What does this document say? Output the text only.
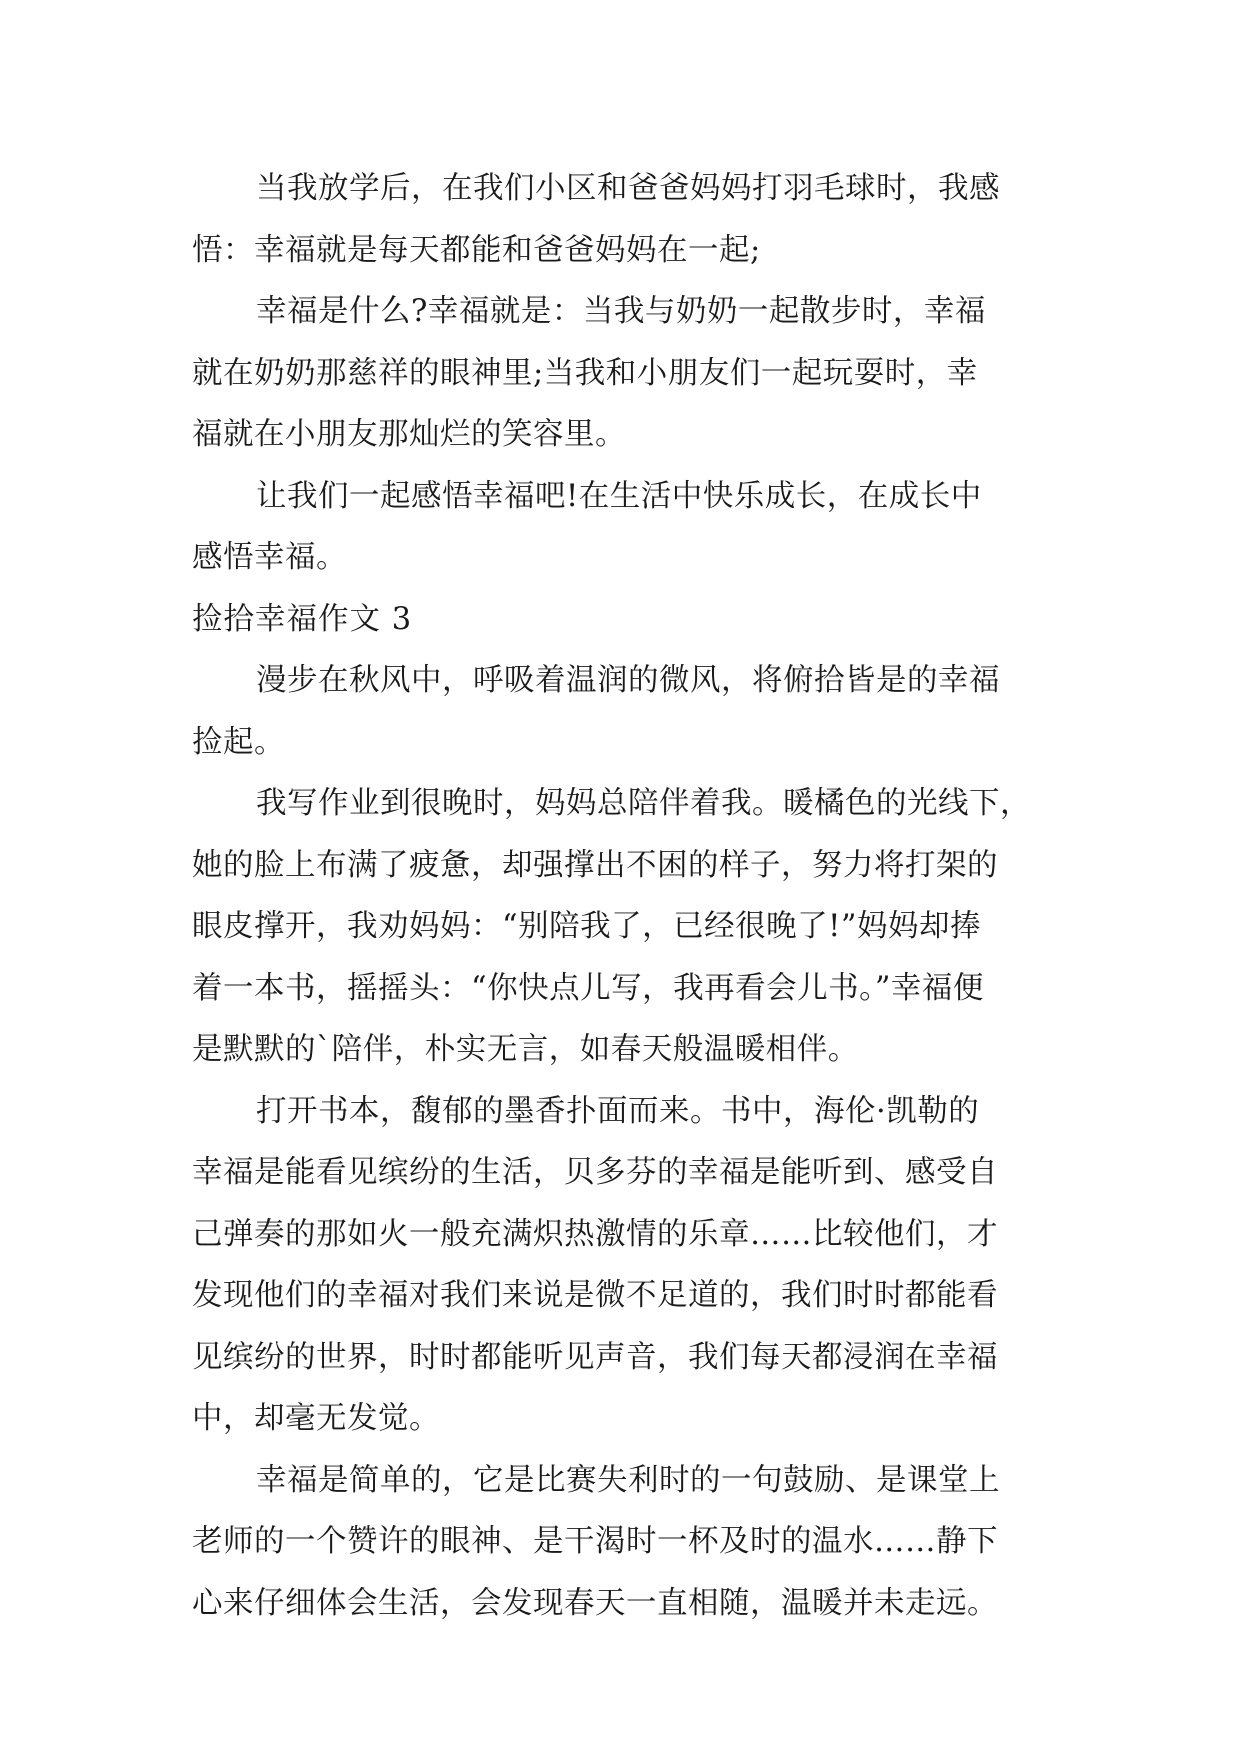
当我放学后，在我们小区和爸爸妈妈打羽毛球时，我感
悟：幸福就是每天都能和爸爸妈妈在一起;
幸福是什么?幸福就是：当我与奶奶一起散步时，幸福
就在奶奶那慈祥的眼神里;当我和小朋友们一起玩耍时，幸
福就在小朋友那灿烂的笑容里。
让我们一起感悟幸福吧!在生活中快乐成长，在成长中
感悟幸福。
捡拾幸福作文 3
漫步在秋风中，呼吸着温润的微风，将俯拾皆是的幸福
捡起。
我写作业到很晚时，妈妈总陪伴着我。暖橘色的光线下，
她的脸上布满了疲惫，却强撑出不困的样子，努力将打架的
眼皮撑开，我劝妈妈：“别陪我了，已经很晚了!”妈妈却捧
着一本书，摇摇头：“你快点儿写，我再看会儿书。”幸福便
是默默的`陪伴，朴实无言，如春天般温暖相伴。
打开书本，馥郁的墨香扑面而来。书中，海伦·凯勒的
幸福是能看见缤纷的生活，贝多芬的幸福是能听到、感受自
己弹奏的那如火一般充满炽热激情的乐章……比较他们，才
发现他们的幸福对我们来说是微不足道的，我们时时都能看
见缤纷的世界，时时都能听见声音，我们每天都浸润在幸福
中，却毫无发觉。
幸福是简单的，它是比赛失利时的一句鼓励、是课堂上
老师的一个赞许的眼神、是干渴时一杯及时的温水……静下
心来仔细体会生活，会发现春天一直相随，温暖并未走远。
